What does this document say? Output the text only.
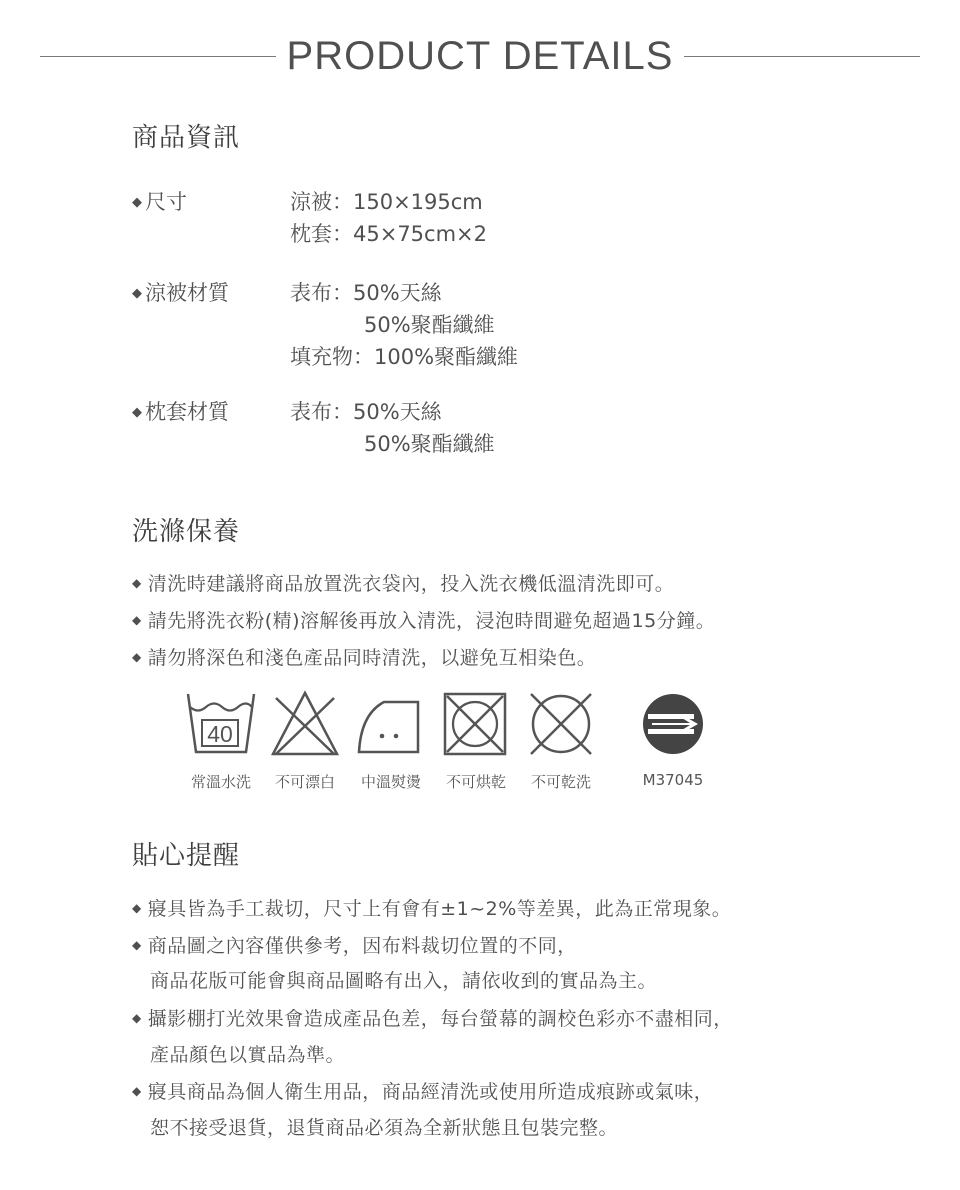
PRODUCT DETAILS
商品資訊
◆ 尺寸	涼被：150×195cm
枕套：45×75cm×2
◆ 涼被材質	表布：50%天絲
50%聚酯纖維
填充物：100%聚酯纖維
◆ 枕套材質	表布：50%天絲
50%聚酯纖維
洗滌保養
◆ 清洗時建議將商品放置洗衣袋內，投入洗衣機低溫清洗即可。
◆ 請先將洗衣粉(精)溶解後再放入清洗，浸泡時間避免超過15分鐘。
◆ 請勿將深色和淺色產品同時清洗，以避免互相染色。
40
常溫水洗	不可漂白	中溫熨燙	不可烘乾	不可乾洗	M37045
貼心提醒
◆ 寢具皆為手工裁切，尺寸上有會有±1~2%等差異，此為正常現象。
◆ 商品圖之內容僅供參考，因布料裁切位置的不同，
商品花版可能會與商品圖略有出入，請依收到的實品為主。
◆ 攝影棚打光效果會造成產品色差，每台螢幕的調校色彩亦不盡相同，
產品顏色以實品為準。
◆ 寢具商品為個人衛生用品，商品經清洗或使用所造成痕跡或氣味，
恕不接受退貨，退貨商品必須為全新狀態且包裝完整。
